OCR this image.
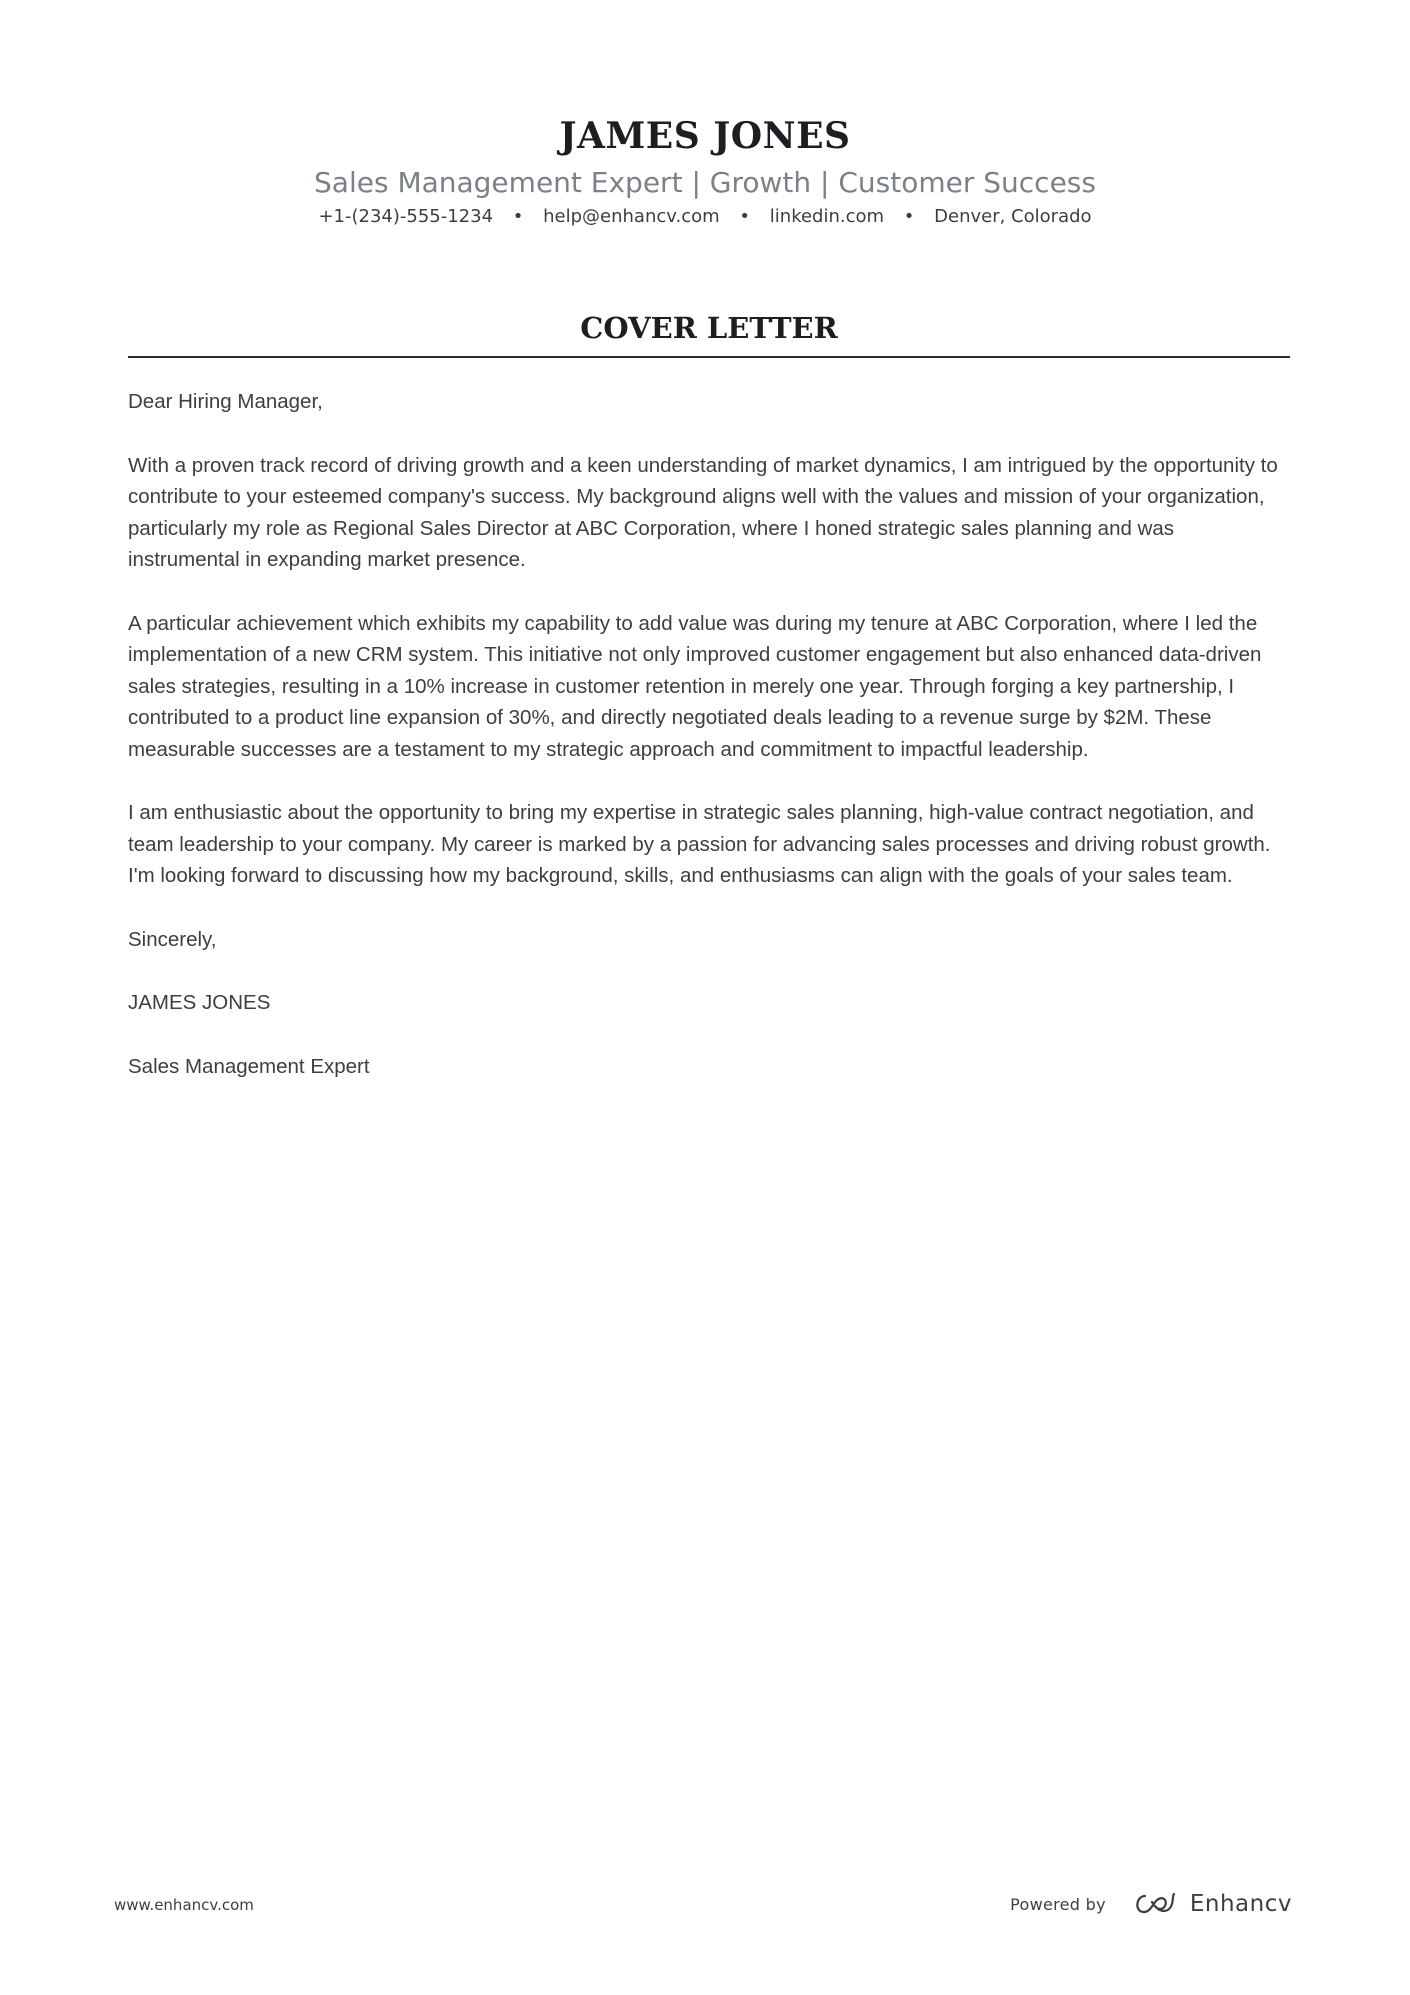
JAMES JONES
Sales Management Expert | Growth | Customer Success
+1-(234)-555-1234 • help@enhancv.com • linkedin.com • Denver, Colorado
COVER LETTER

Dear Hiring Manager,

With a proven track record of driving growth and a keen understanding of market dynamics, I am intrigued by the opportunity to contribute to your esteemed company's success. My background aligns well with the values and mission of your organization, particularly my role as Regional Sales Director at ABC Corporation, where I honed strategic sales planning and was instrumental in expanding market presence.

A particular achievement which exhibits my capability to add value was during my tenure at ABC Corporation, where I led the implementation of a new CRM system. This initiative not only improved customer engagement but also enhanced data-driven sales strategies, resulting in a 10% increase in customer retention in merely one year. Through forging a key partnership, I contributed to a product line expansion of 30%, and directly negotiated deals leading to a revenue surge by $2M. These measurable successes are a testament to my strategic approach and commitment to impactful leadership.

I am enthusiastic about the opportunity to bring my expertise in strategic sales planning, high-value contract negotiation, and team leadership to your company. My career is marked by a passion for advancing sales processes and driving robust growth. I'm looking forward to discussing how my background, skills, and enthusiasms can align with the goals of your sales team.

Sincerely,

JAMES JONES

Sales Management Expert

www.enhancv.com	Powered by	Enhancv
